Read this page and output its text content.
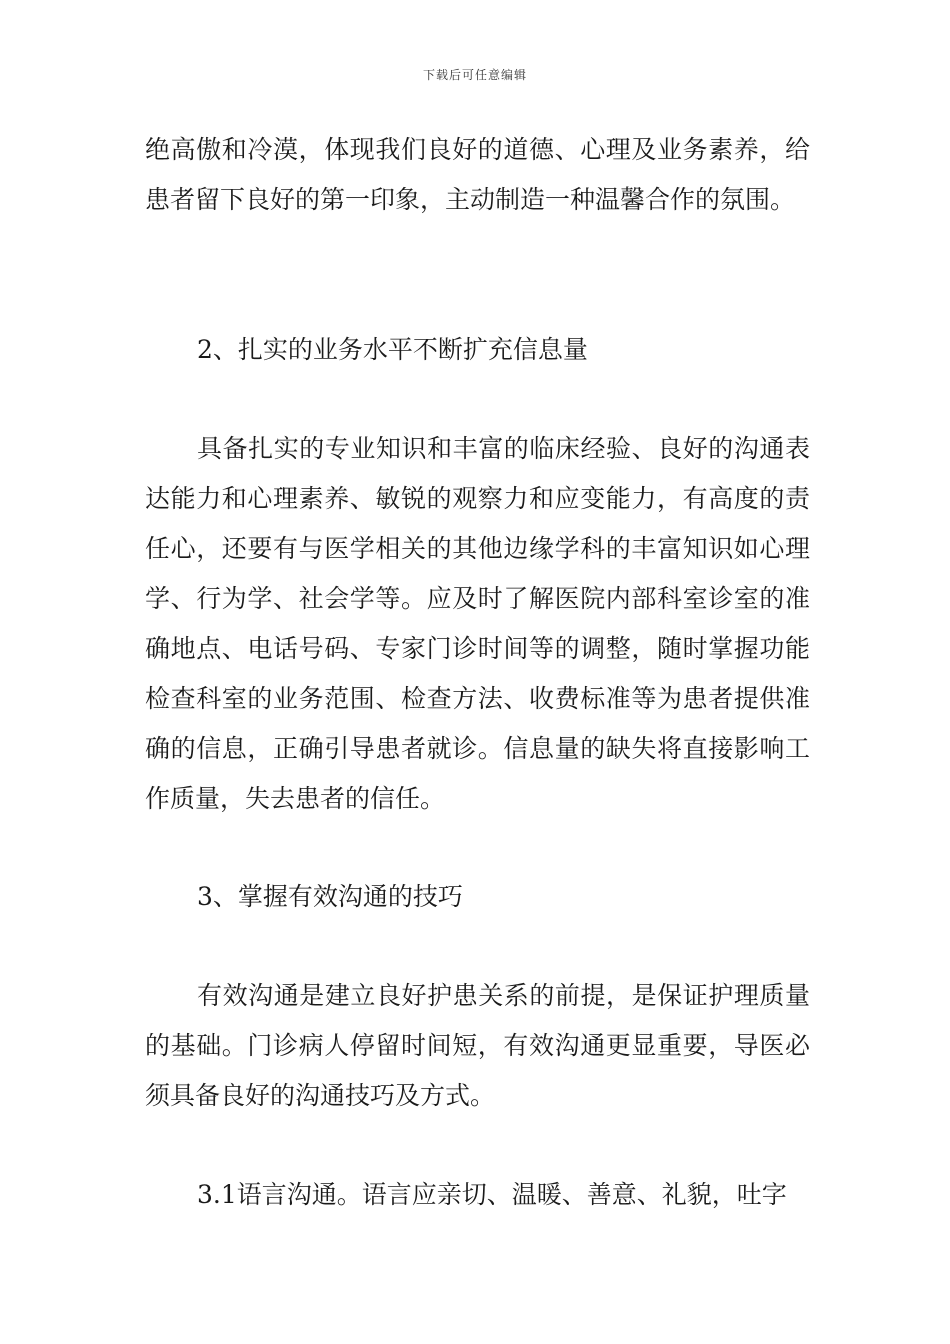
下载后可任意编辑
绝高傲和冷漠，体现我们良好的道德、心理及业务素养，给患者留下良好的第一印象，主动制造一种温馨合作的氛围。
2、扎实的业务水平不断扩充信息量
具备扎实的专业知识和丰富的临床经验、良好的沟通表达能力和心理素养、敏锐的观察力和应变能力，有高度的责任心，还要有与医学相关的其他边缘学科的丰富知识如心理学、行为学、社会学等。应及时了解医院内部科室诊室的准确地点、电话号码、专家门诊时间等的调整，随时掌握功能检查科室的业务范围、检查方法、收费标准等为患者提供准确的信息，正确引导患者就诊。信息量的缺失将直接影响工作质量，失去患者的信任。
3、掌握有效沟通的技巧
有效沟通是建立良好护患关系的前提，是保证护理质量的基础。门诊病人停留时间短，有效沟通更显重要，导医必须具备良好的沟通技巧及方式。
3.1语言沟通。语言应亲切、温暖、善意、礼貌，吐字
